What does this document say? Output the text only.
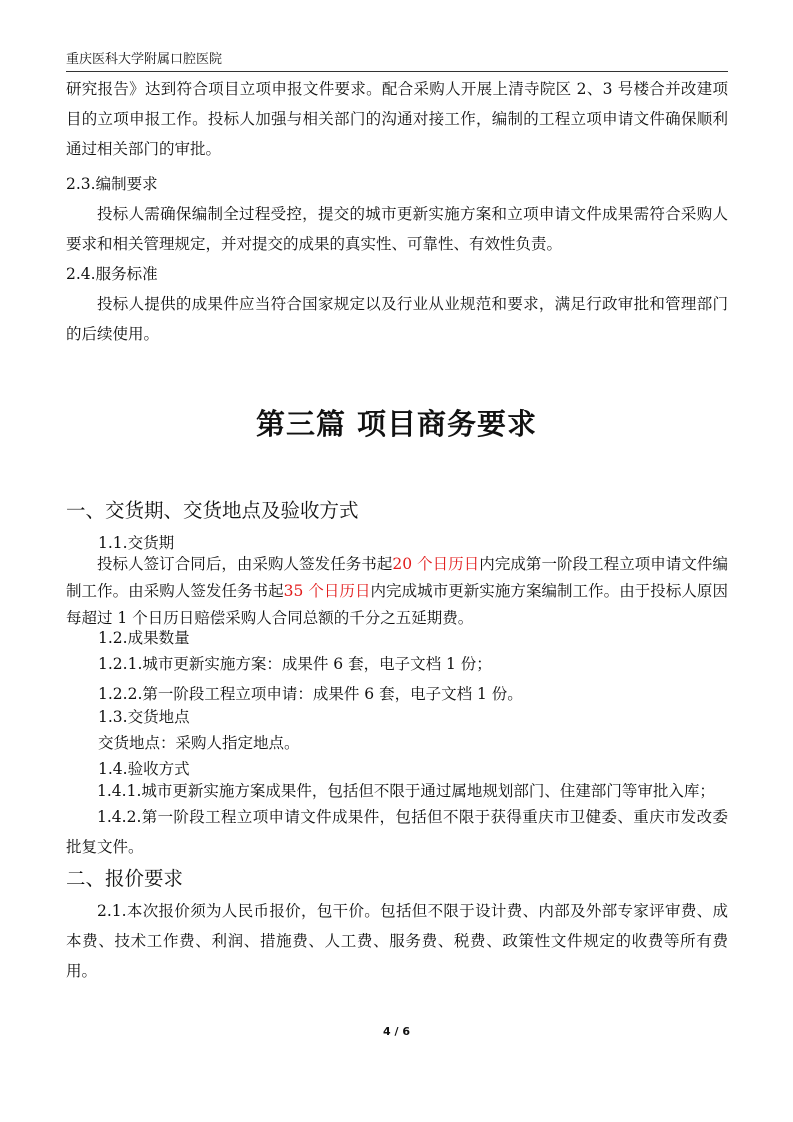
重庆医科大学附属口腔医院

研究报告》达到符合项目立项申报文件要求。配合采购人开展上清寺院区 2、3 号楼合并改建项目的立项申报工作。投标人加强与相关部门的沟通对接工作，编制的工程立项申请文件确保顺利通过相关部门的审批。

2.3.编制要求

投标人需确保编制全过程受控，提交的城市更新实施方案和立项申请文件成果需符合采购人要求和相关管理规定，并对提交的成果的真实性、可靠性、有效性负责。

2.4.服务标准

投标人提供的成果件应当符合国家规定以及行业从业规范和要求，满足行政审批和管理部门的后续使用。

第三篇 项目商务要求
一、交货期、交货地点及验收方式
1.1.交货期

投标人签订合同后，由采购人签发任务书起20 个日历日内完成第一阶段工程立项申请文件编制工作。由采购人签发任务书起35 个日历日内完成城市更新实施方案编制工作。由于投标人原因每超过 1 个日历日赔偿采购人合同总额的千分之五延期费。

1.2.成果数量
1.2.1.城市更新实施方案：成果件 6 套，电子文档 1 份；
1.2.2.第一阶段工程立项申请：成果件 6 套，电子文档 1 份。
1.3.交货地点
交货地点：采购人指定地点。
1.4.验收方式

1.4.1.城市更新实施方案成果件，包括但不限于通过属地规划部门、住建部门等审批入库；

1.4.2.第一阶段工程立项申请文件成果件，包括但不限于获得重庆市卫健委、重庆市发改委批复文件。

二、报价要求

2.1.本次报价须为人民币报价，包干价。包括但不限于设计费、内部及外部专家评审费、成本费、技术工作费、利润、措施费、人工费、服务费、税费、政策性文件规定的收费等所有费用。

4 / 6
